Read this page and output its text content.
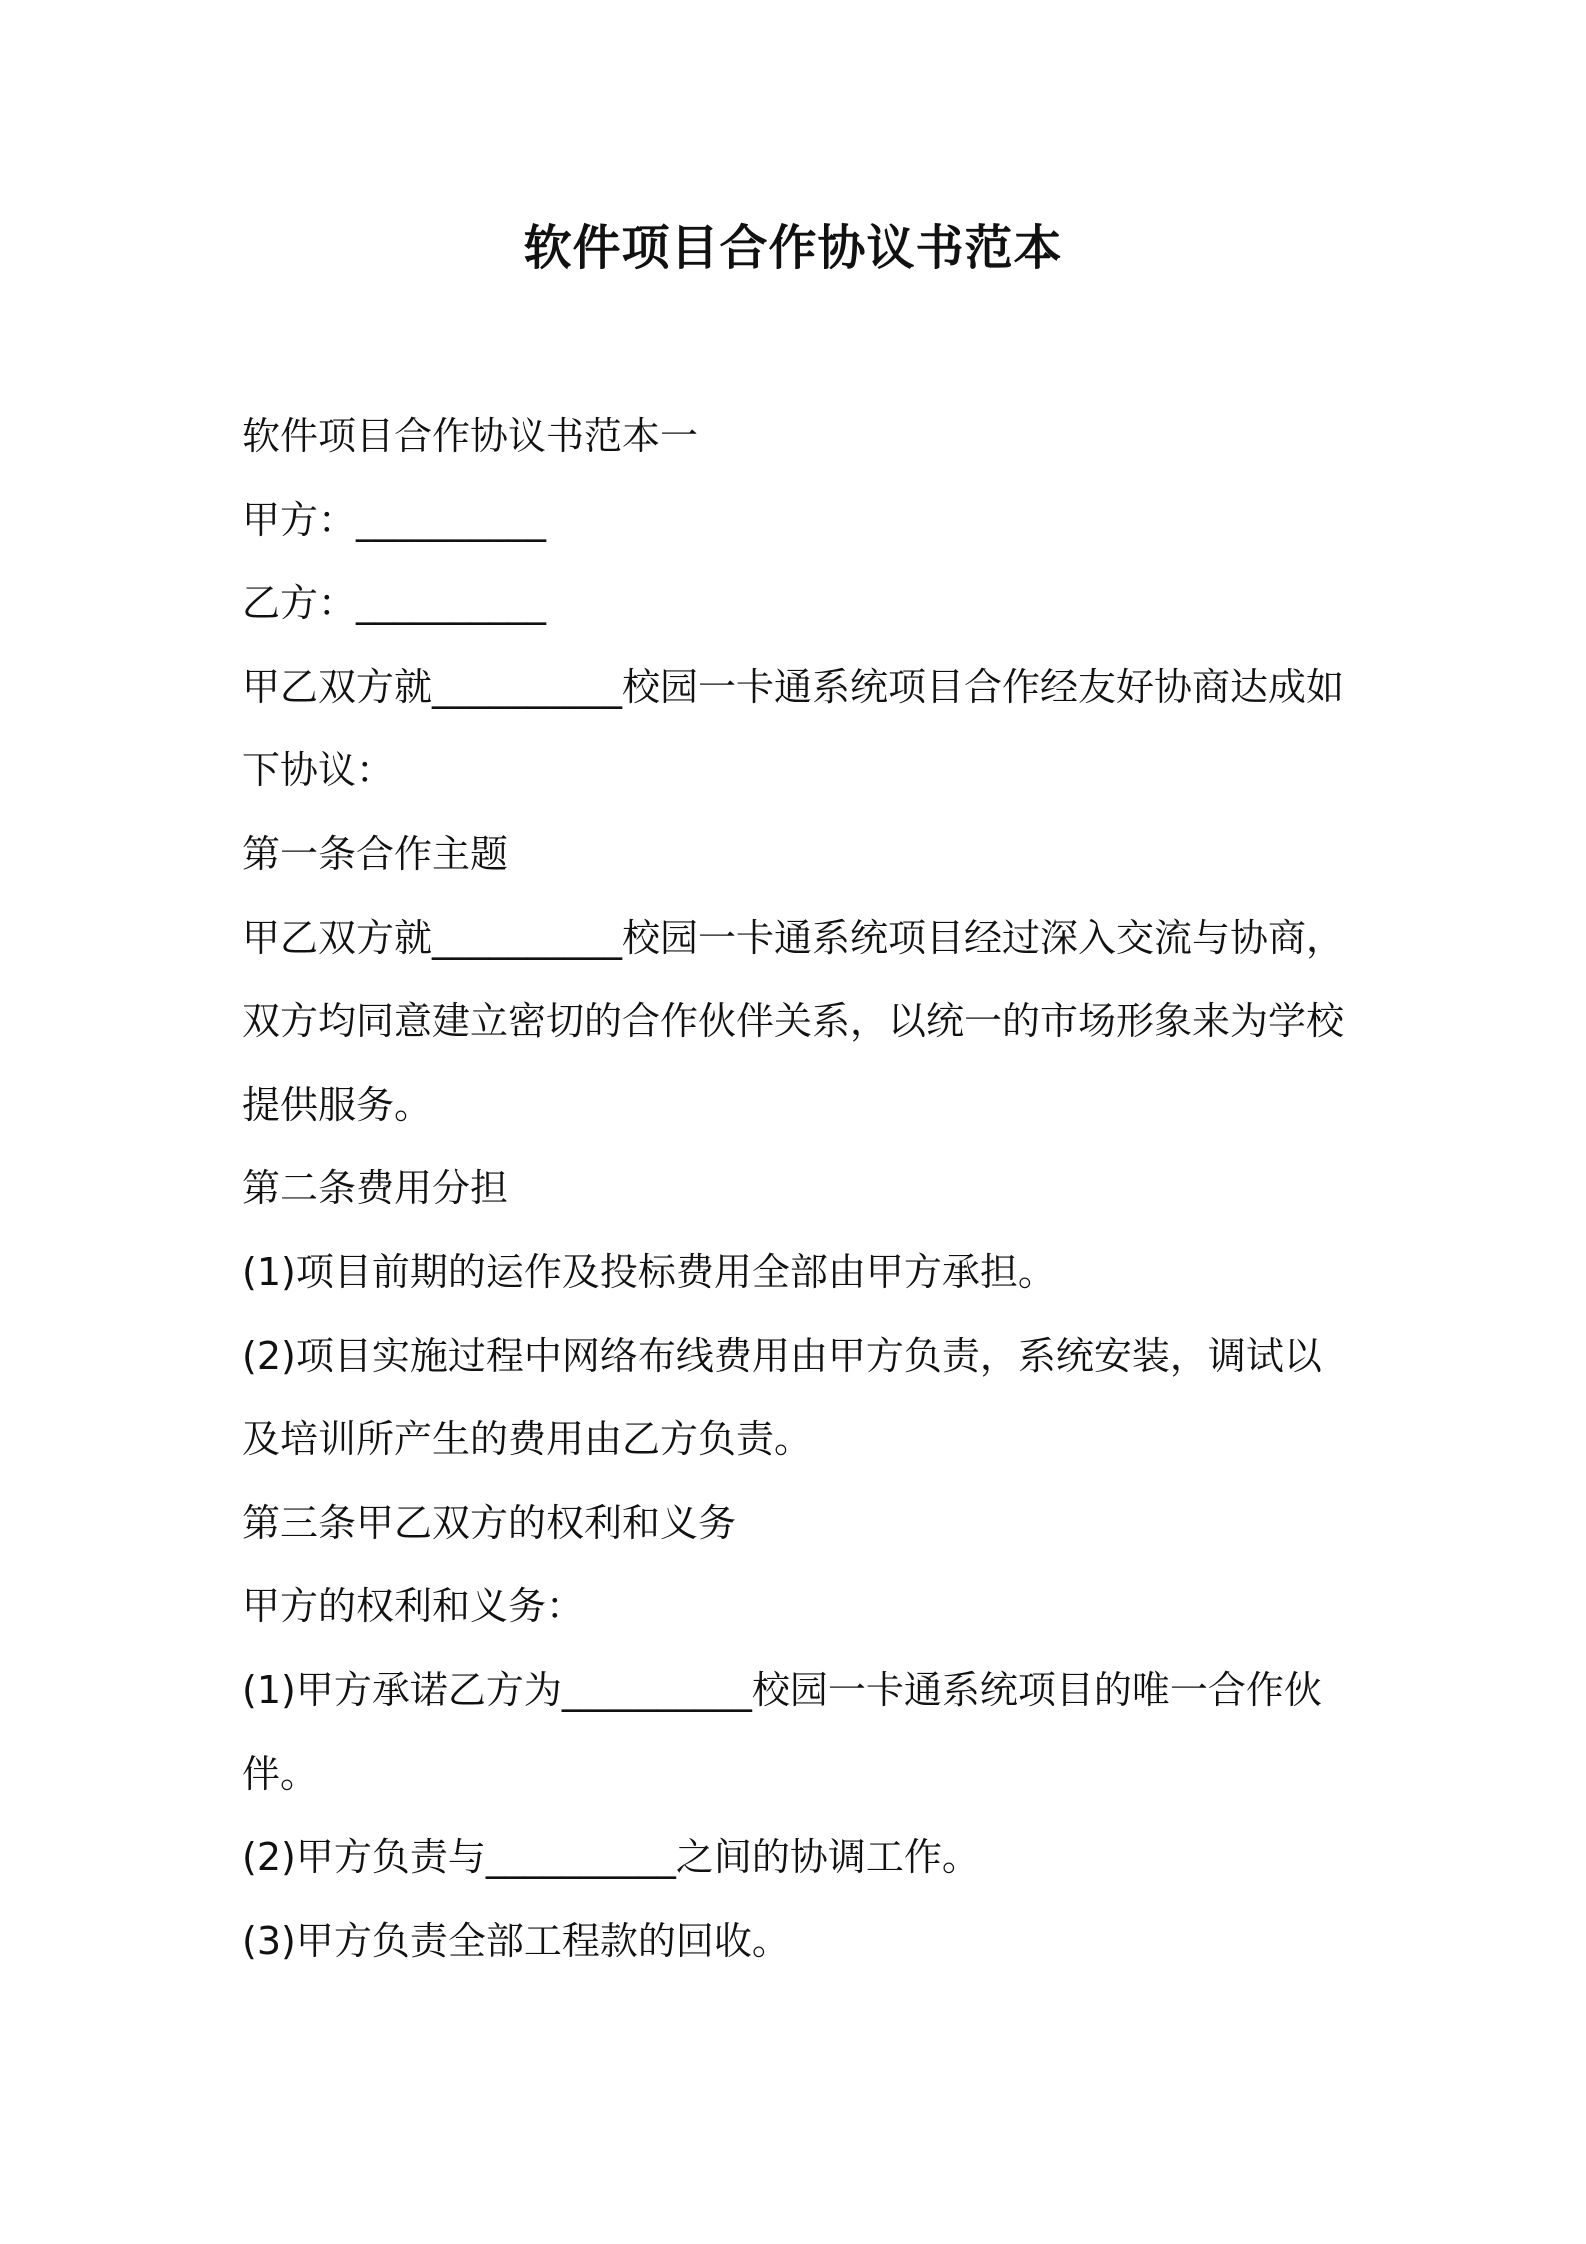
软件项目合作协议书范本

软件项目合作协议书范本一

甲方：__________

乙方：__________

甲乙双方就__________校园一卡通系统项目合作经友好协商达成如下协议：

第一条合作主题

甲乙双方就__________校园一卡通系统项目经过深入交流与协商，双方均同意建立密切的合作伙伴关系，以统一的市场形象来为学校提供服务。

第二条费用分担

(1)项目前期的运作及投标费用全部由甲方承担。

(2)项目实施过程中网络布线费用由甲方负责，系统安装，调试以及培训所产生的费用由乙方负责。

第三条甲乙双方的权利和义务

甲方的权利和义务：

(1)甲方承诺乙方为__________校园一卡通系统项目的唯一合作伙伴。

(2)甲方负责与__________之间的协调工作。

(3)甲方负责全部工程款的回收。
